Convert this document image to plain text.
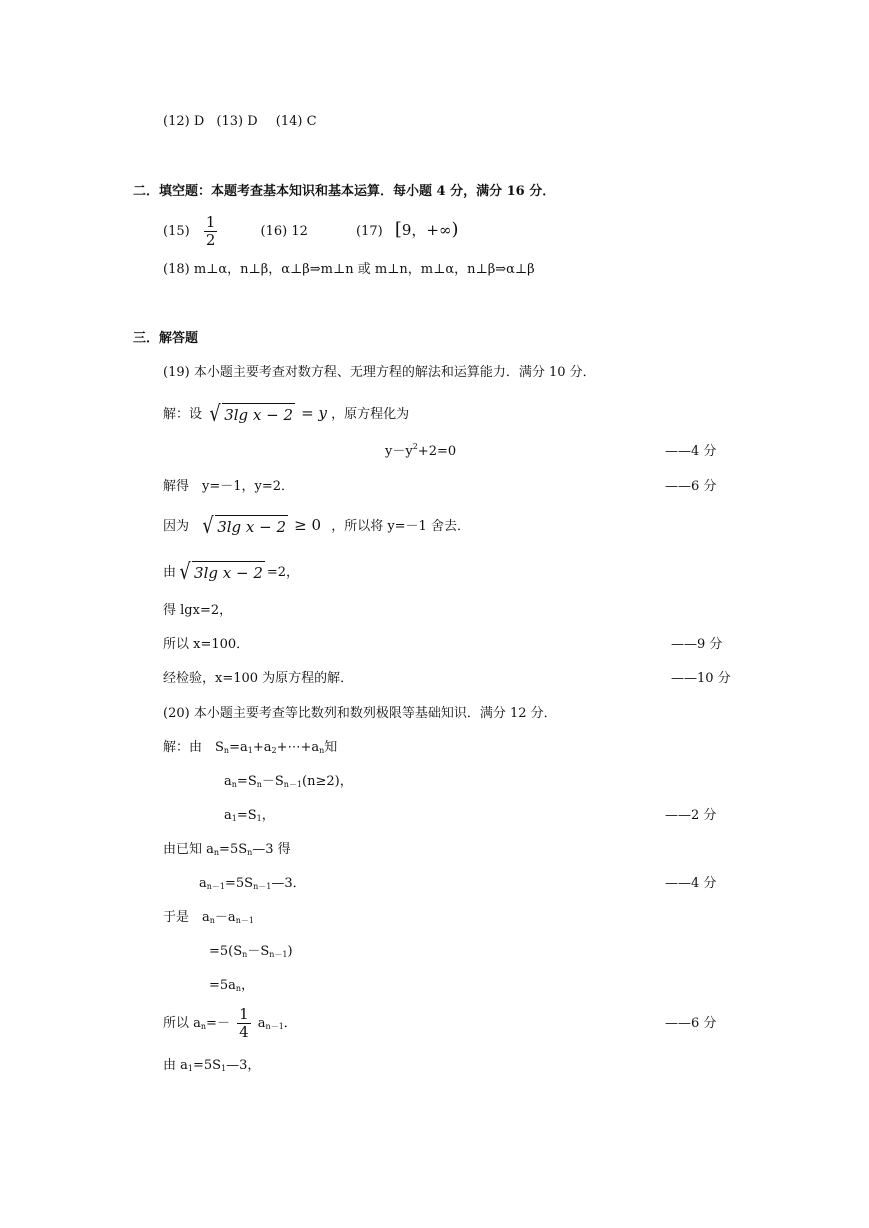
(12) D (13) D (14) C
二．填空题：本题考查基本知识和基本运算．每小题 4 分，满分 16 分．
$(15) \frac{1}{2}$	(16) 12	(17) [9，+∞)
(18) m⊥α，n⊥β，α⊥β⇒m⊥n 或 m⊥n，m⊥α，n⊥β⇒α⊥β
三．解答题
(19) 本小题主要考查对数方程、无理方程的解法和运算能力．满分 10 分．
解：设 √ 3lg x − 2 = y ，原方程化为
$y-y^2+2=0$	——4 分
解得　y=－1，y=2．	——6 分
因为 √ 3lg x − 2 ≥ 0 ，所以将 y=－1 舍去．
由 √ 3lg x − 2 =2，
得 lgx=2，
所以 x=100．	——9 分
经检验，x=100 为原方程的解．	——10 分
(20) 本小题主要考查等比数列和数列极限等基础知识．满分 12 分．
解：由　$S_n=a_1+a_2+\cdots+a_n$知
$a_n=S_n-S_{n-1}(n\ge 2)$，
$a_1=S_1$，	——2 分
由已知 $a_n=5S_n—3$ 得
$a_{n-1}=5S_{n-1}—3$．	——4 分
于是　$a_n-a_{n-1}$
$=5(S_n-S_{n-1})$
$=5a_n$，
所以 $a_n=- \frac{1}{4} a_{n-1}$．	——6 分
由 $a_1=5S_1—3$，
